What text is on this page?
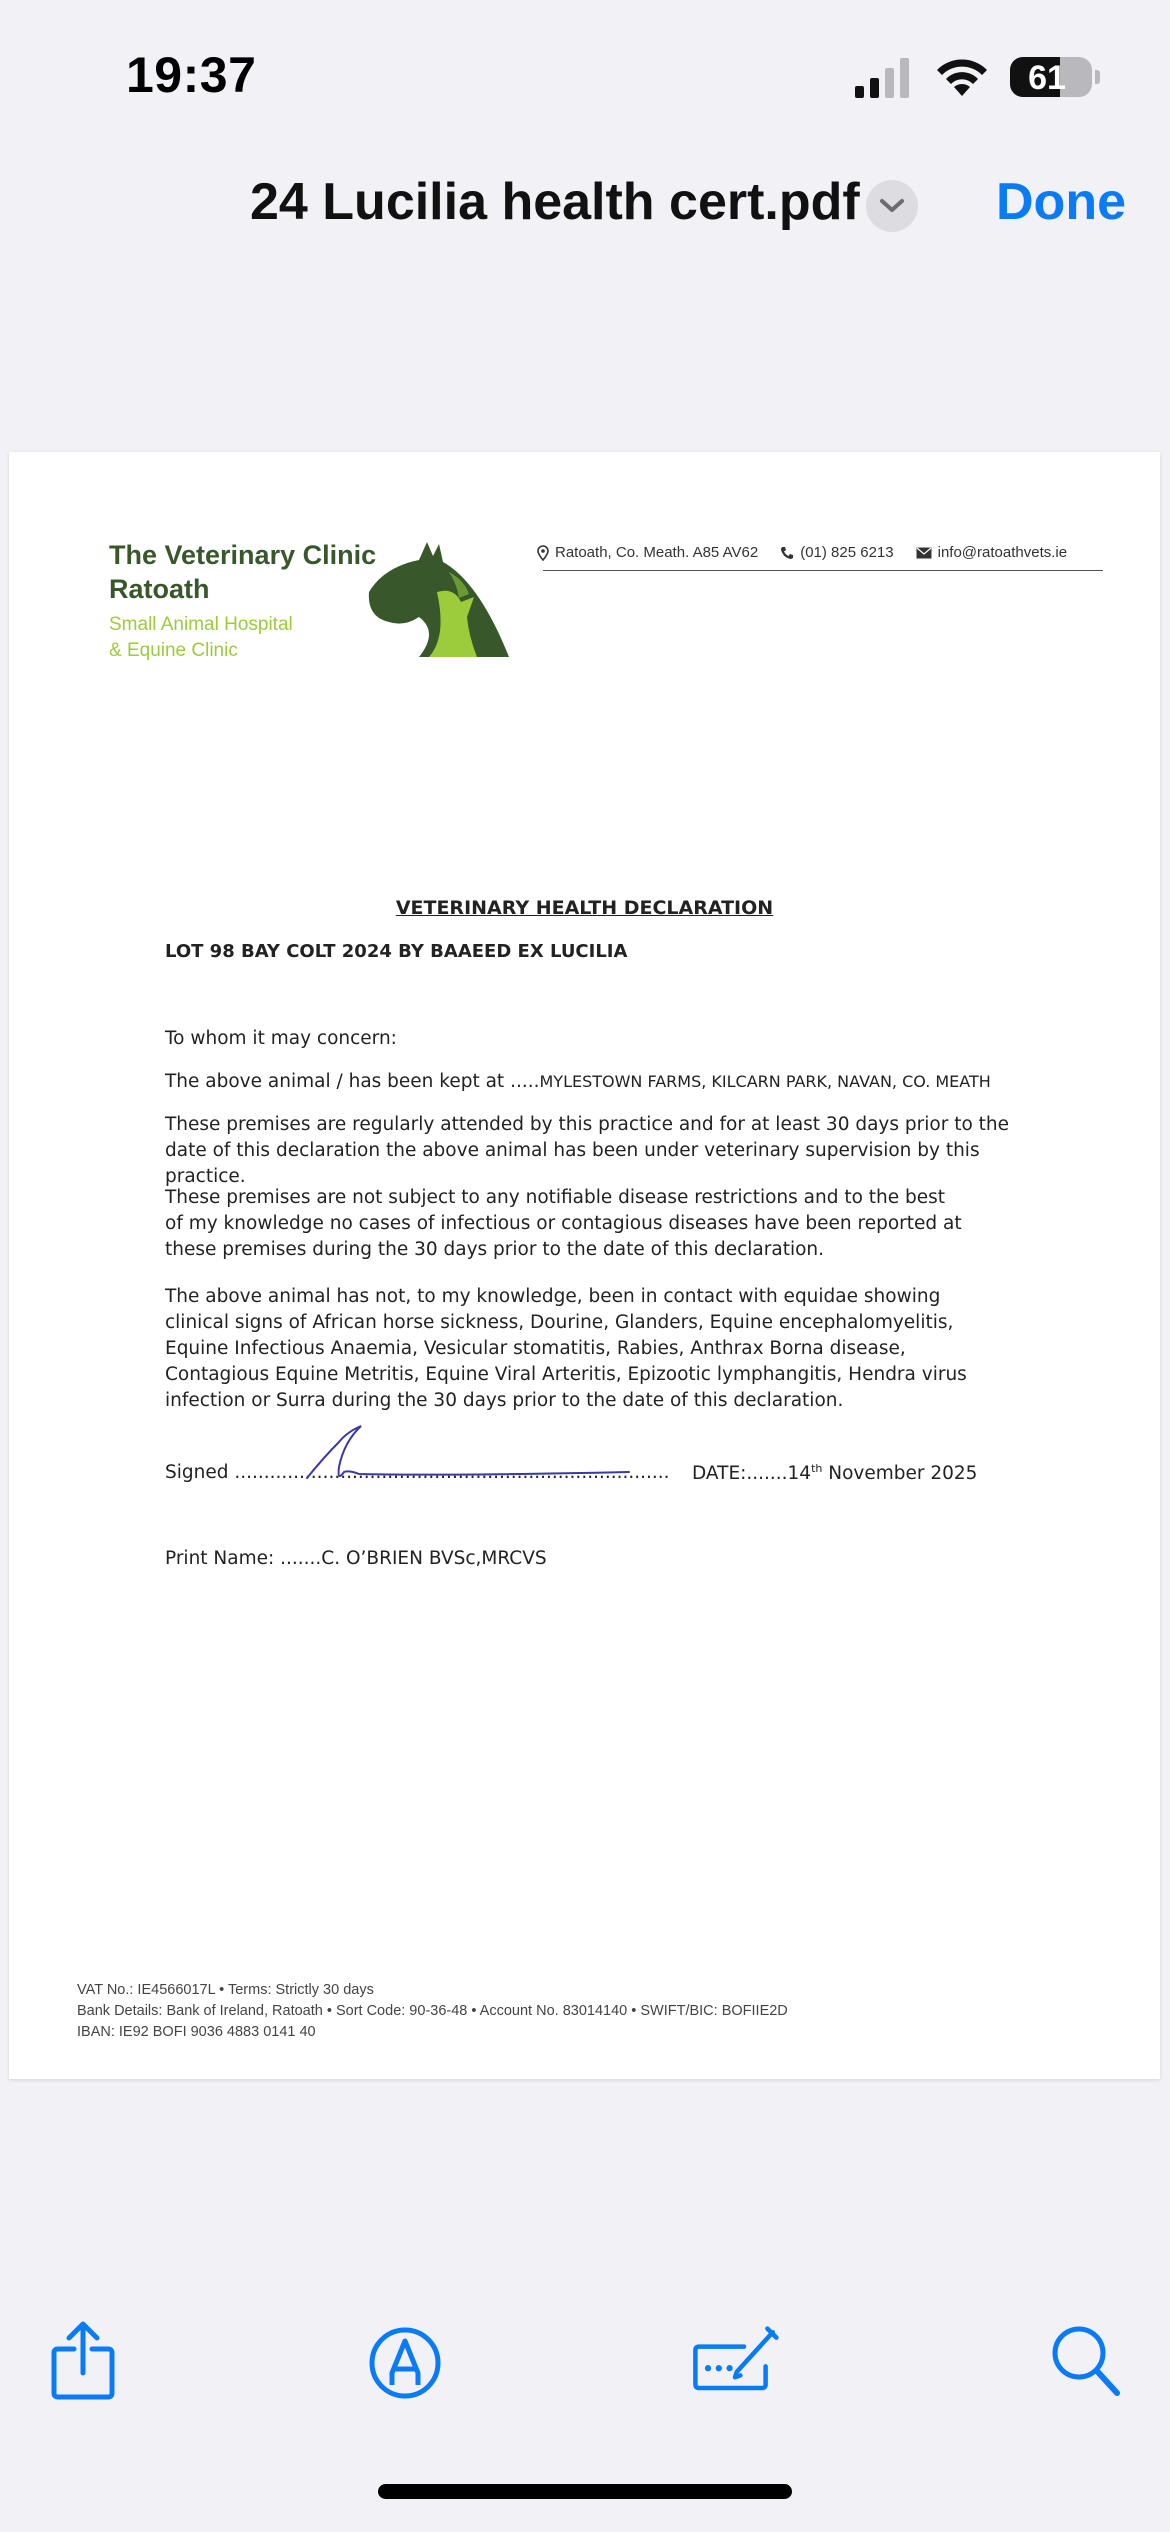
19:37	61
24 Lucilia health cert.pdf	Done
The Veterinary Clinic
Ratoath
Small Animal Hospital
& Equine Clinic
Ratoath, Co. Meath. A85 AV62	(01) 825 6213	info@ratoathvets.ie
VETERINARY HEALTH DECLARATION
LOT 98 BAY COLT 2024 BY BAAEED EX LUCILIA
To whom it may concern:
The above animal / has been kept at .....MYLESTOWN FARMS, KILCARN PARK, NAVAN, CO. MEATH
These premises are regularly attended by this practice and for at least 30 days prior to the date of this declaration the above animal has been under veterinary supervision by this practice.
These premises are not subject to any notifiable disease restrictions and to the best of my knowledge no cases of infectious or contagious diseases have been reported at these premises during the 30 days prior to the date of this declaration.
The above animal has not, to my knowledge, been in contact with equidae showing clinical signs of African horse sickness, Dourine, Glanders, Equine encephalomyelitis, Equine Infectious Anaemia, Vesicular stomatitis, Rabies, Anthrax Borna disease, Contagious Equine Metritis, Equine Viral Arteritis, Epizootic lymphangitis, Hendra virus infection or Surra during the 30 days prior to the date of this declaration.
Signed .......................................................................... DATE:.......14th November 2025
Print Name: .......C. O’BRIEN BVSc,MRCVS
VAT No.: IE4566017L • Terms: Strictly 30 days
Bank Details: Bank of Ireland, Ratoath • Sort Code: 90-36-48 • Account No. 83014140 • SWIFT/BIC: BOFIIE2D
IBAN: IE92 BOFI 9036 4883 0141 40
